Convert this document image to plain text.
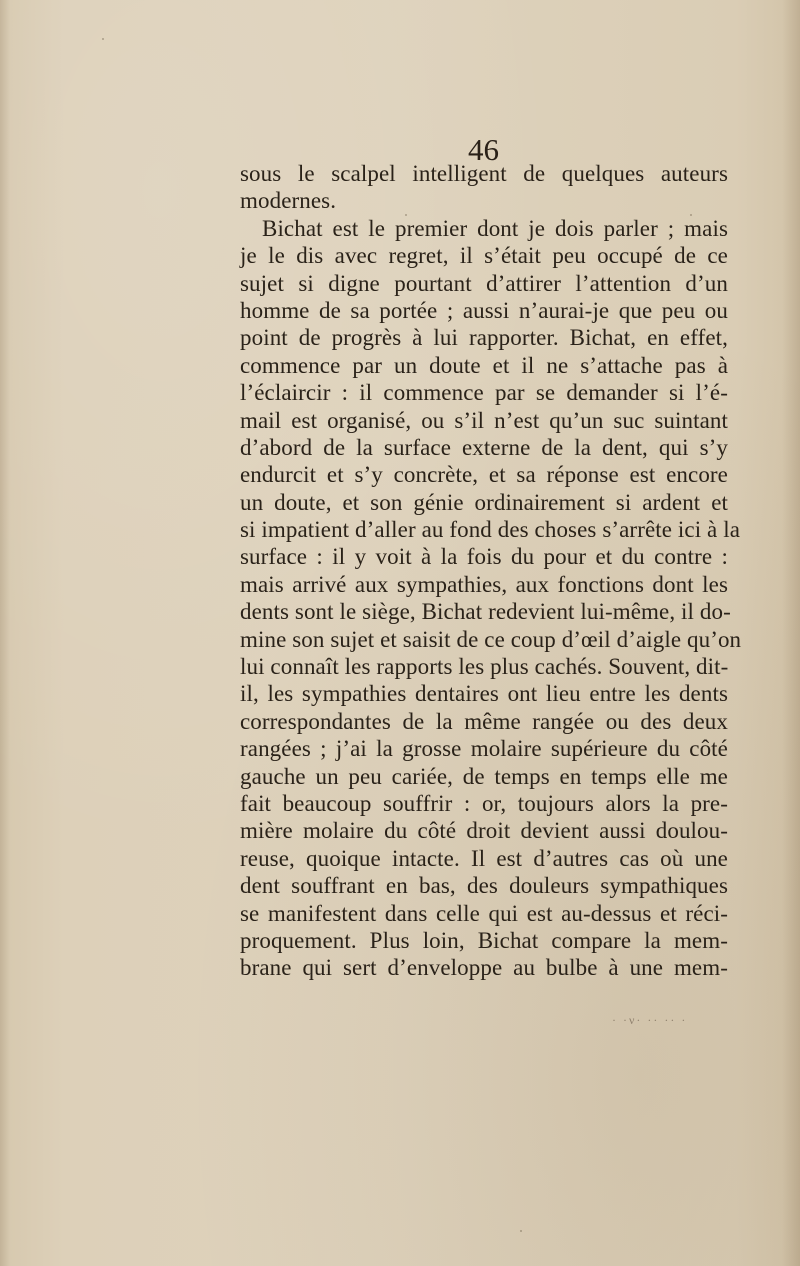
46
sous le scalpel intelligent de quelques auteurs
modernes.
Bichat est le premier dont je dois parler ; mais
je le dis avec regret, il s’était peu occupé de ce
sujet si digne pourtant d’attirer l’attention d’un
homme de sa portée ; aussi n’aurai-je que peu ou
point de progrès à lui rapporter. Bichat, en effet,
commence par un doute et il ne s’attache pas à
l’éclaircir : il commence par se demander si l’é-
mail est organisé, ou s’il n’est qu’un suc suintant
d’abord de la surface externe de la dent, qui s’y
endurcit et s’y concrète, et sa réponse est encore
un doute, et son génie ordinairement si ardent et
si impatient d’aller au fond des choses s’arrête ici à la
surface : il y voit à la fois du pour et du contre :
mais arrivé aux sympathies, aux fonctions dont les
dents sont le siège, Bichat redevient lui-même, il do-
mine son sujet et saisit de ce coup d’œil d’aigle qu’on
lui connaît les rapports les plus cachés. Souvent, dit-
il, les sympathies dentaires ont lieu entre les dents
correspondantes de la même rangée ou des deux
rangées ; j’ai la grosse molaire supérieure du côté
gauche un peu cariée, de temps en temps elle me
fait beaucoup souffrir : or, toujours alors la pre-
mière molaire du côté droit devient aussi doulou-
reuse, quoique intacte. Il est d’autres cas où une
dent souffrant en bas, des douleurs sympathiques
se manifestent dans celle qui est au-dessus et réci-
proquement. Plus loin, Bichat compare la mem-
brane qui sert d’enveloppe au bulbe à une mem-
· ·ν· ·· ·· ·
